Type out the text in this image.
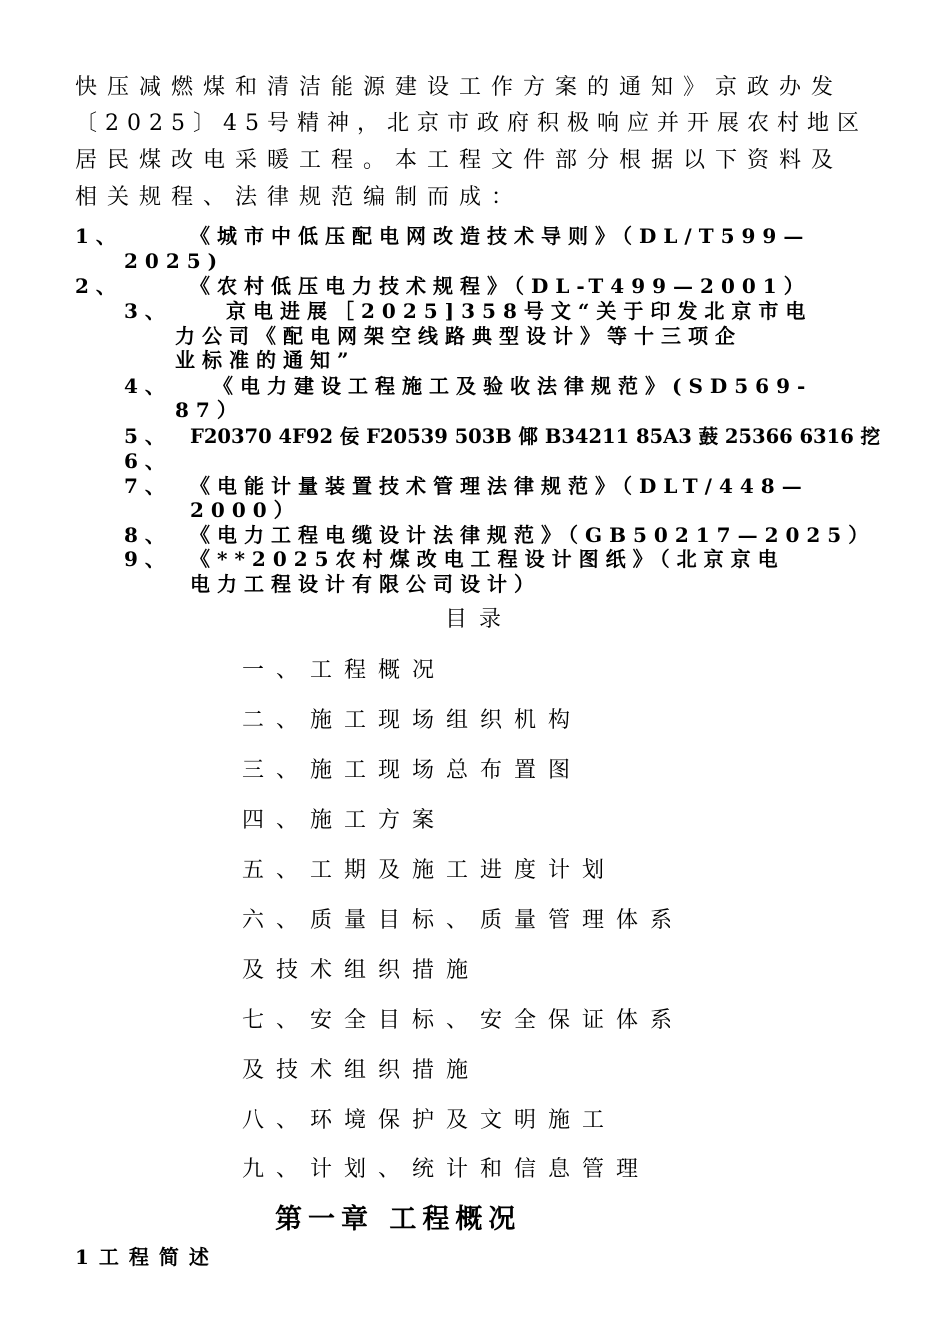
快压减燃煤和清洁能源建设工作方案的通知》京政办发

〔2025〕45号精神，北京市政府积极响应并开展农村地区

居民煤改电采暖工程。本工程文件部分根据以下资料及

相关规程、法律规范编制而成：

1、	《城市中低压配电网改造技术导则》（DL/T599—

2025)

2、	《农村低压电力技术规程》（DL-T499—2001）

3、	京电进展［2025]358号文“关于印发北京市电

力公司《配电网架空线路典型设计》等十三项企

业标准的通知”

4、 《电力建设工程施工及验收法律规范》(SD569-

87）

5、 F20370 4F92 佞 F20539 503B 倻 B34211 85A3 薣 25366 6316 挖

6、

7、 《电能计量装置技术管理法律规范》（DLT/448—

2000）

8、 《电力工程电缆设计法律规范》（GB50217—2025）

9、 《**2025农村煤改电工程设计图纸》（北京京电

电力工程设计有限公司设计）

目录

一、工程概况

二、施工现场组织机构

三、施工现场总布置图

四、施工方案

五、工期及施工进度计划

六、质量目标、质量管理体系

及技术组织措施

七、安全目标、安全保证体系

及技术组织措施

八、环境保护及文明施工

九、计划、统计和信息管理

第一章 工程概况
1工程简述
